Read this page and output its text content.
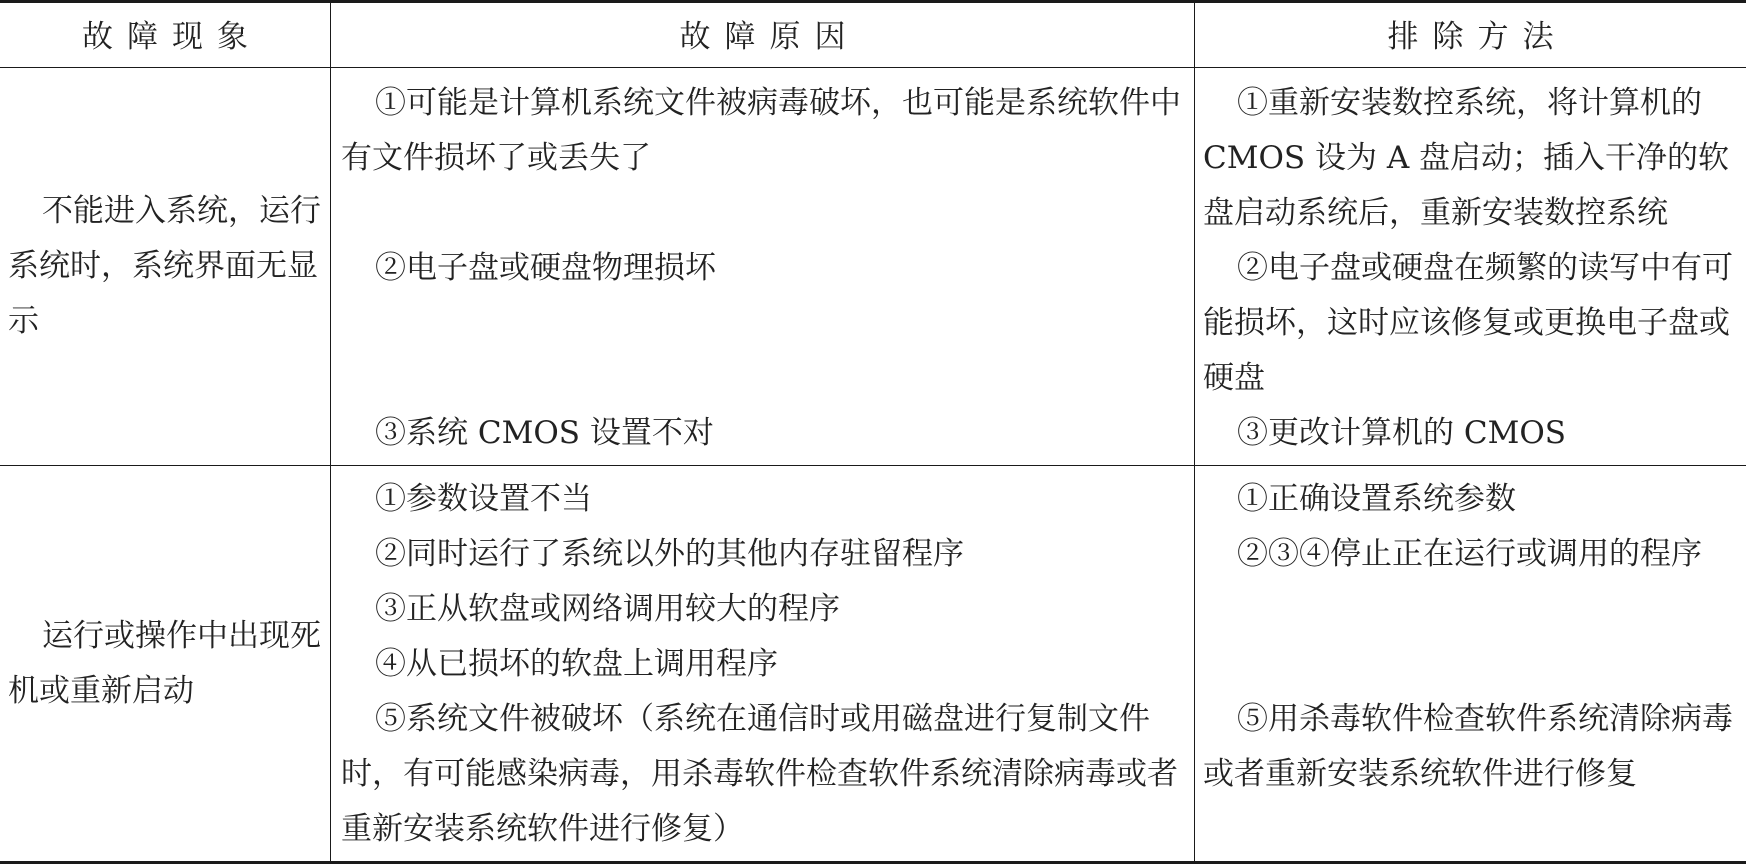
故障现象	故障原因	排除方法
不能进入系统，运行系统时，系统界面无显示
①可能是计算机系统文件被病毒破坏，也可能是系统软件中有文件损坏了或丢失了
②电子盘或硬盘物理损坏
③系统 CMOS 设置不对
①重新安装数控系统，将计算机的 CMOS 设为 A 盘启动；插入干净的软盘启动系统后，重新安装数控系统
②电子盘或硬盘在频繁的读写中有可能损坏，这时应该修复或更换电子盘或硬盘
③更改计算机的 CMOS
运行或操作中出现死机或重新启动
①参数设置不当
②同时运行了系统以外的其他内存驻留程序
③正从软盘或网络调用较大的程序
④从已损坏的软盘上调用程序
⑤系统文件被破坏（系统在通信时或用磁盘进行复制文件时，有可能感染病毒，用杀毒软件检查软件系统清除病毒或者重新安装系统软件进行修复）
①正确设置系统参数
②③④停止正在运行或调用的程序
⑤用杀毒软件检查软件系统清除病毒或者重新安装系统软件进行修复
